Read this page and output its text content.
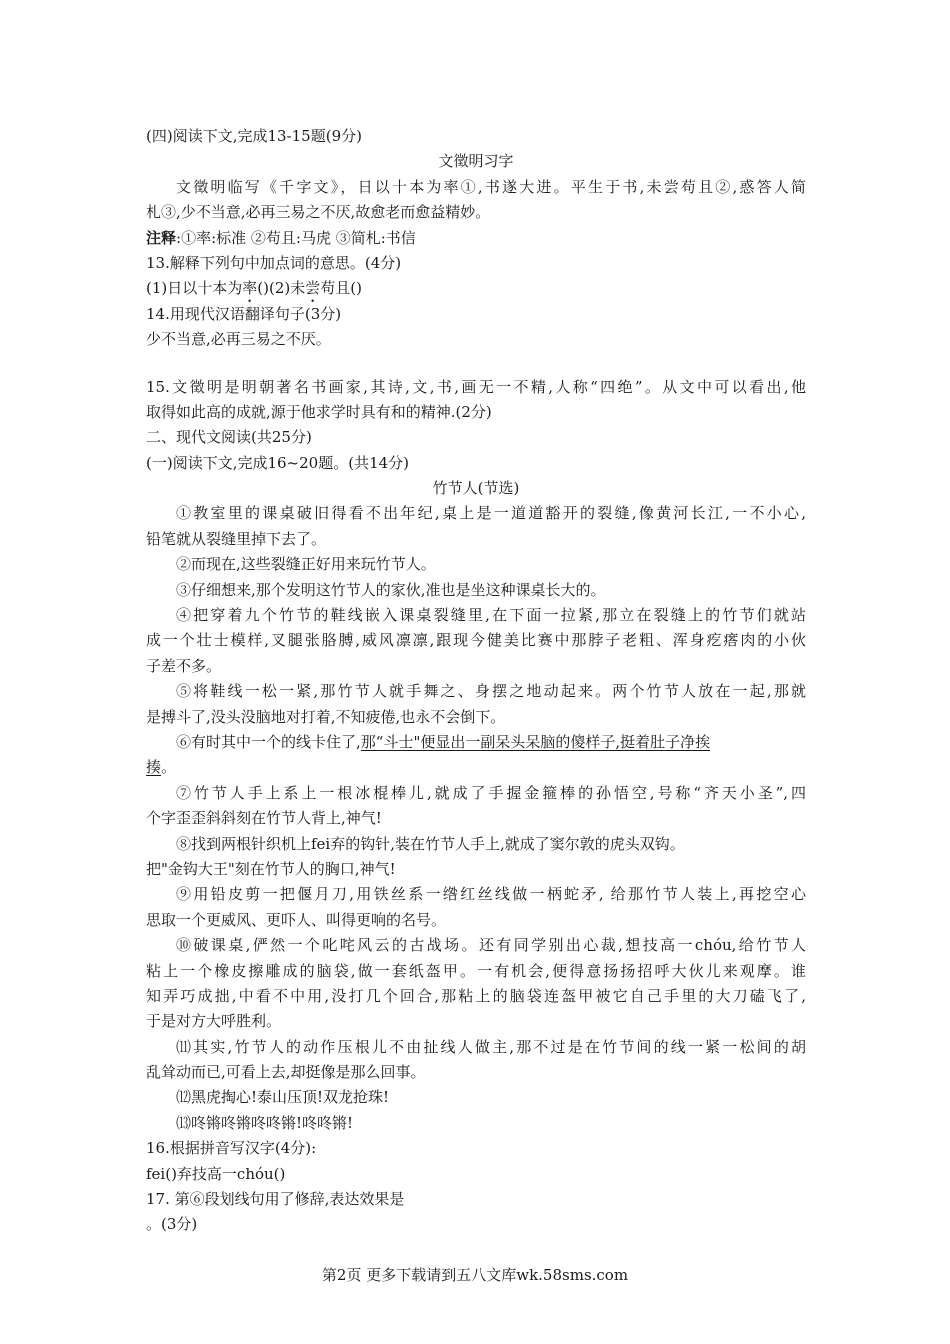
(四)阅读下文,完成13-15题(9分)
文徵明习字
文徵明临写《千字文》，日以十本为率①,书遂大进。平生于书,未尝苟且②,惑答人简
札③,少不当意,必再三易之不厌,故愈老而愈益精妙。
注释:①率:标准 ②苟且:马虎 ③简札:书信
13.解释下列句中加点词的意思。(4分)
(1)日以十本为率()(2)未尝苟且()
14.用现代汉语翻译句子(3分)
少不当意,必再三易之不厌。
15.文徵明是明朝著名书画家,其诗,文,书,画无一不精,人称“四绝”。从文中可以看出,他
取得如此高的成就,源于他求学时具有和的精神.(2分)
二、现代文阅读(共25分)
(一)阅读下文,完成16~20题。(共14分)
竹节人(节选)
①教室里的课桌破旧得看不出年纪,桌上是一道道豁开的裂缝,像黄河长江,一不小心,
铅笔就从裂缝里掉下去了。
②而现在,这些裂缝正好用来玩竹节人。
③仔细想来,那个发明这竹节人的家伙,准也是坐这种课桌长大的。
④把穿着九个竹节的鞋线嵌入课桌裂缝里,在下面一拉紧,那立在裂缝上的竹节们就站
成一个壮士模样,叉腿张胳膊,威风凛凛,跟现今健美比赛中那脖子老粗、浑身疙瘩肉的小伙
子差不多。
⑤将鞋线一松一紧,那竹节人就手舞之、身摆之地动起来。两个竹节人放在一起,那就
是搏斗了,没头没脑地对打着,不知疲倦,也永不会倒下。
⑥有时其中一个的线卡住了,那“斗士"便显出一副呆头呆脑的傻样子,挺着肚子净挨
揍。
⑦竹节人手上系上一根冰棍棒儿,就成了手握金箍棒的孙悟空,号称“齐天小圣”,四
个字歪歪斜斜刻在竹节人背上,神气!
⑧找到两根针织机上fei弃的钩针,装在竹节人手上,就成了窦尔敦的虎头双钩。
把"金钩大王"刻在竹节人的胸口,神气!
⑨用铅皮剪一把偃月刀,用铁丝系一绺红丝线做一柄蛇矛, 给那竹节人装上,再挖空心
思取一个更威风、更吓人、叫得更响的名号。
⑩破课桌,俨然一个叱咤风云的古战场。还有同学别出心裁,想技高一chóu,给竹节人
粘上一个橡皮擦雕成的脑袋,做一套纸盔甲。一有机会,便得意扬扬招呼大伙儿来观摩。谁
知弄巧成拙,中看不中用,没打几个回合,那粘上的脑袋连盔甲被它自己手里的大刀磕飞了,
于是对方大呼胜利。
⑾其实,竹节人的动作压根儿不由扯线人做主,那不过是在竹节间的线一紧一松间的胡
乱耸动而已,可看上去,却挺像是那么回事。
⑿黑虎掏心!泰山压顶!双龙抢珠!
⒀咚锵咚锵咚咚锵!咚咚锵!
16.根据拼音写汉字(4分):
fei()弃技高一chóu()
17. 第⑥段划线句用了修辞,表达效果是
。(3分)
第2页 更多下载请到五八文库wk.58sms.com
